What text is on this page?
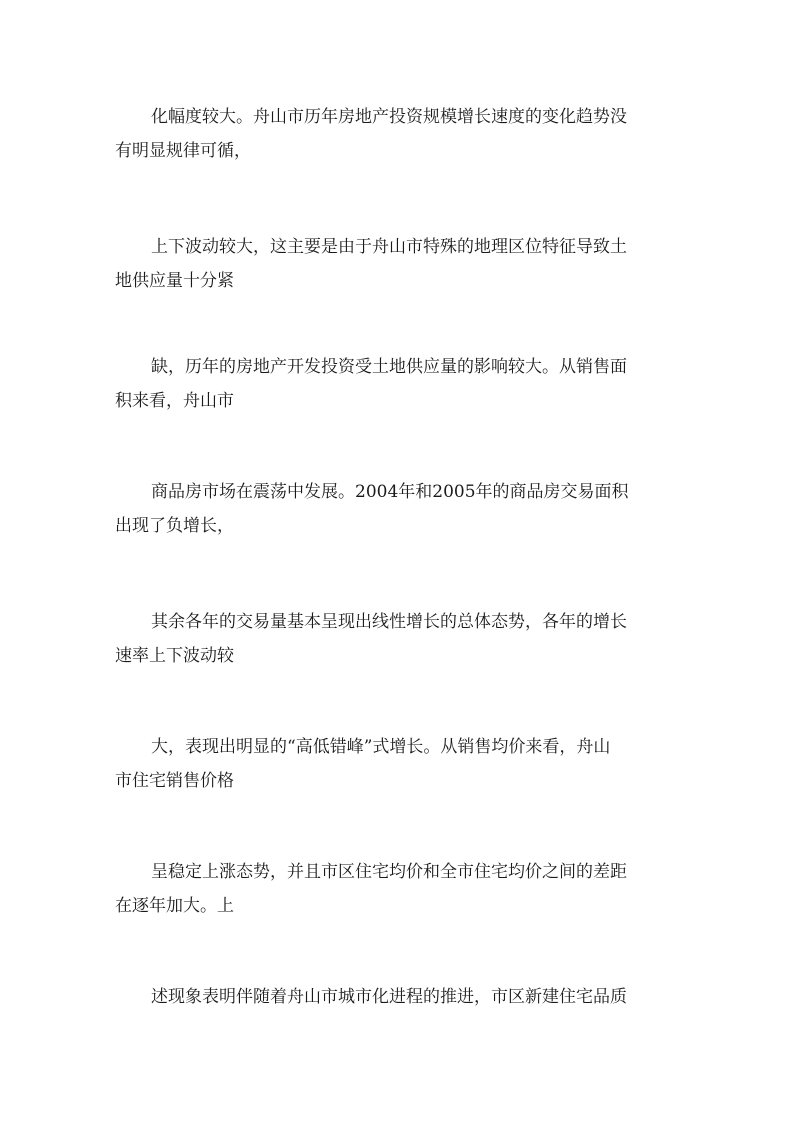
化幅度较大。舟山市历年房地产投资规模增长速度的变化趋势没
有明显规律可循，

上下波动较大，这主要是由于舟山市特殊的地理区位特征导致土
地供应量十分紧

缺，历年的房地产开发投资受土地供应量的影响较大。从销售面
积来看，舟山市

商品房市场在震荡中发展。2004年和2005年的商品房交易面积
出现了负增长，

其余各年的交易量基本呈现出线性增长的总体态势，各年的增长
速率上下波动较

大，表现出明显的“高低错峰”式增长。从销售均价来看，舟山
市住宅销售价格

呈稳定上涨态势，并且市区住宅均价和全市住宅均价之间的差距
在逐年加大。上

述现象表明伴随着舟山市城市化进程的推进，市区新建住宅品质
